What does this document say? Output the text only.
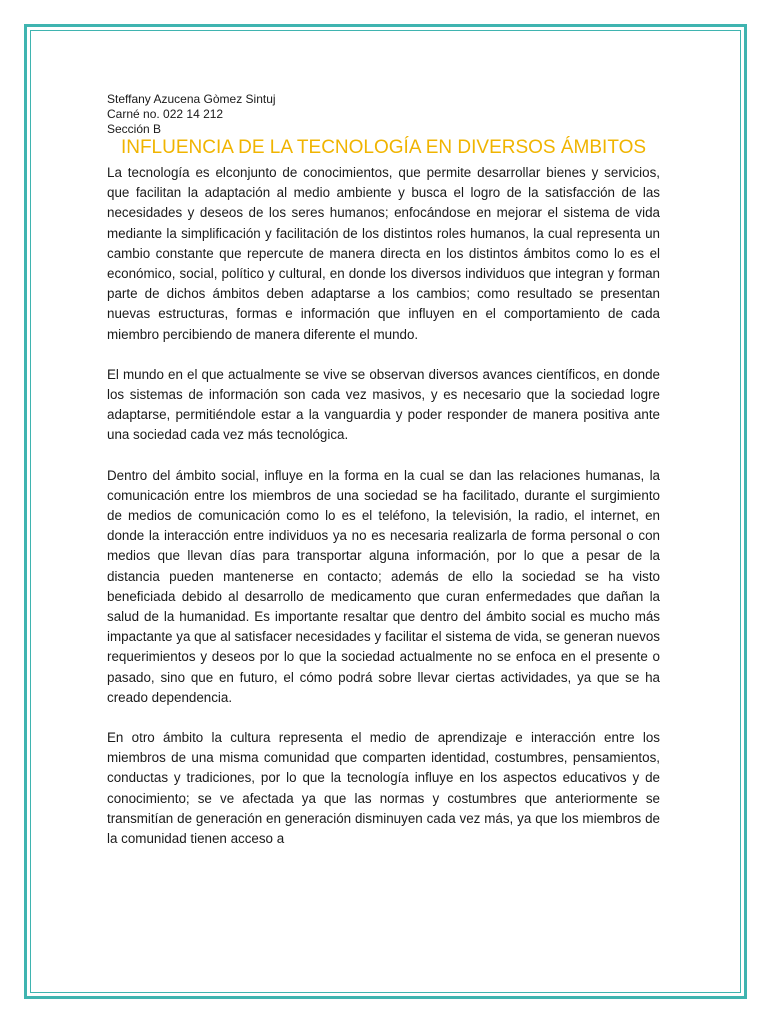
Steffany Azucena Gòmez Sintuj

Carné no. 022 14 212

Sección B

INFLUENCIA DE LA TECNOLOGÍA EN DIVERSOS ÁMBITOS

La tecnología es elconjunto de conocimientos, que permite desarrollar bienes y servicios, que facilitan la adaptación al medio ambiente y busca el logro de la satisfacción de las necesidades y deseos de los seres humanos; enfocándose en mejorar el sistema de vida mediante la simplificación y facilitación de los distintos roles humanos, la cual representa un cambio constante que repercute de manera directa en los distintos ámbitos como lo es el económico, social, político y cultural, en donde los diversos individuos que integran y forman parte de dichos ámbitos deben adaptarse a los cambios; como resultado se presentan nuevas estructuras, formas e información que influyen en el comportamiento de cada miembro percibiendo de manera diferente el mundo.

El mundo en el que actualmente se vive se observan diversos avances científicos, en donde los sistemas de información son cada vez masivos, y es necesario que la sociedad logre adaptarse, permitiéndole estar a la vanguardia y poder responder de manera positiva ante una sociedad cada vez más tecnológica.

Dentro del ámbito social, influye en la forma en la cual se dan las relaciones humanas, la comunicación entre los miembros de una sociedad se ha facilitado, durante el surgimiento de medios de comunicación como lo es el teléfono, la televisión, la radio, el internet, en donde la interacción entre individuos ya no es necesaria realizarla de forma personal o con medios que llevan días para transportar alguna información, por lo que a pesar de la distancia pueden mantenerse en contacto; además de ello la sociedad se ha visto beneficiada debido al desarrollo de medicamento que curan enfermedades que dañan la salud de la humanidad. Es importante resaltar que dentro del ámbito social es mucho más impactante ya que al satisfacer necesidades y facilitar el sistema de vida, se generan nuevos requerimientos y deseos por lo que la sociedad actualmente no se enfoca en el presente o pasado, sino que en futuro, el cómo podrá sobre llevar ciertas actividades, ya que se ha creado dependencia.

En otro ámbito la cultura representa el medio de aprendizaje e interacción entre los miembros de una misma comunidad que comparten identidad, costumbres, pensamientos, conductas y tradiciones, por lo que la tecnología influye en los aspectos educativos y de conocimiento; se ve afectada ya que las normas y costumbres que anteriormente se transmitían de generación en generación disminuyen cada vez más, ya que los miembros de la comunidad tienen acceso a
